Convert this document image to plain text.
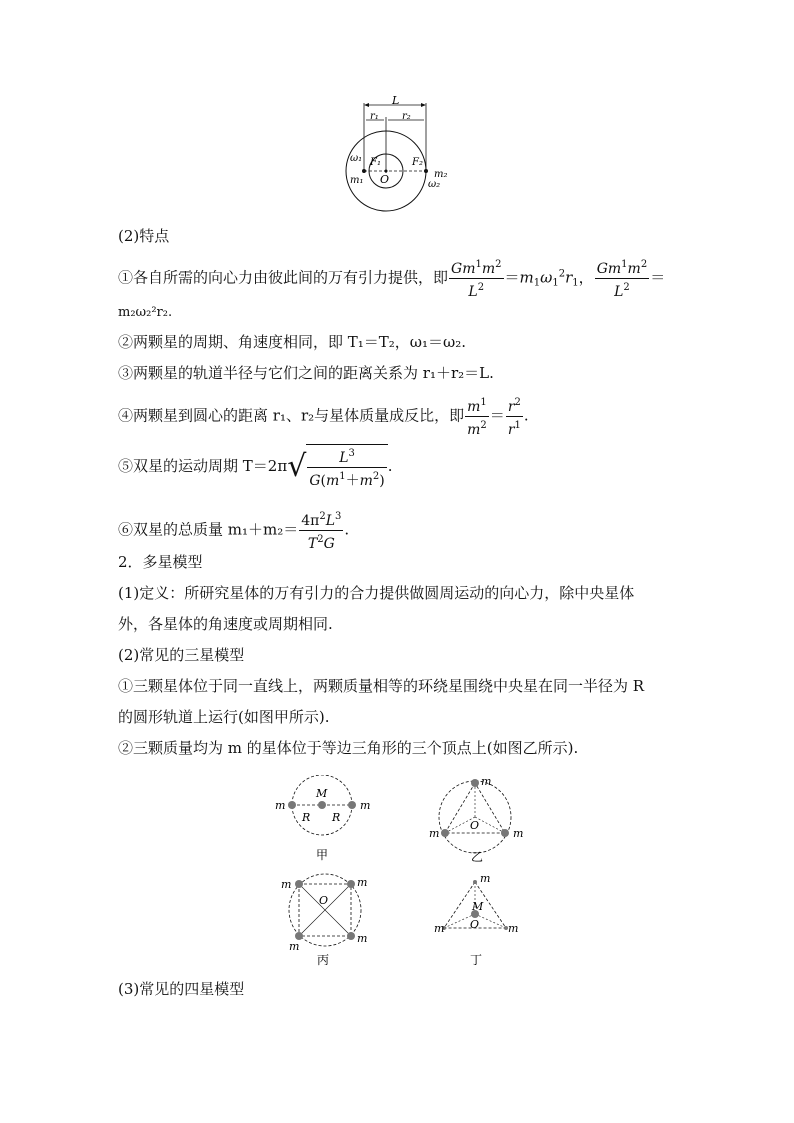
L
r₁ r₂
F₁	F₂
O
ω₁
m₁
m₂
ω₂
(2)特点
①各自所需的向心力由彼此间的万有引力提供，即 $\frac{Gm^1m^2}{L^2} =m_1\omega_1^2r_1$， $\frac{Gm^1m^2}{L^2}$ ＝
m₂ω₂²r₂.
②两颗星的周期、角速度相同，即 T₁＝T₂，ω₁＝ω₂.
③两颗星的轨道半径与它们之间的距离关系为 r₁＋r₂＝L.
④两颗星到圆心的距离 r₁、r₂与星体质量成反比，即 $\frac{m^1}{m^2} = \frac{r^2}{r^1}$ .
⑤双星的运动周期 $T=2\pi√ \frac{L^3}{G(m^1+m^2)}$ .
⑥双星的总质量 $m_1+m_2= \frac{4\pi^2L^3}{T^2G}$ .
2．多星模型
(1)定义：所研究星体的万有引力的合力提供做圆周运动的向心力，除中央星体
外，各星体的角速度或周期相同.
(2)常见的三星模型
①三颗星体位于同一直线上，两颗质量相等的环绕星围绕中央星在同一半径为 R
的圆形轨道上运行(如图甲所示).
②三颗质量均为 m 的星体位于等边三角形的三个顶点上(如图乙所示).
m	m
M
R R
甲
m
m	m
O
乙
m	m
m
m
O
丙
m
m	m
M
O
丁
(3)常见的四星模型
